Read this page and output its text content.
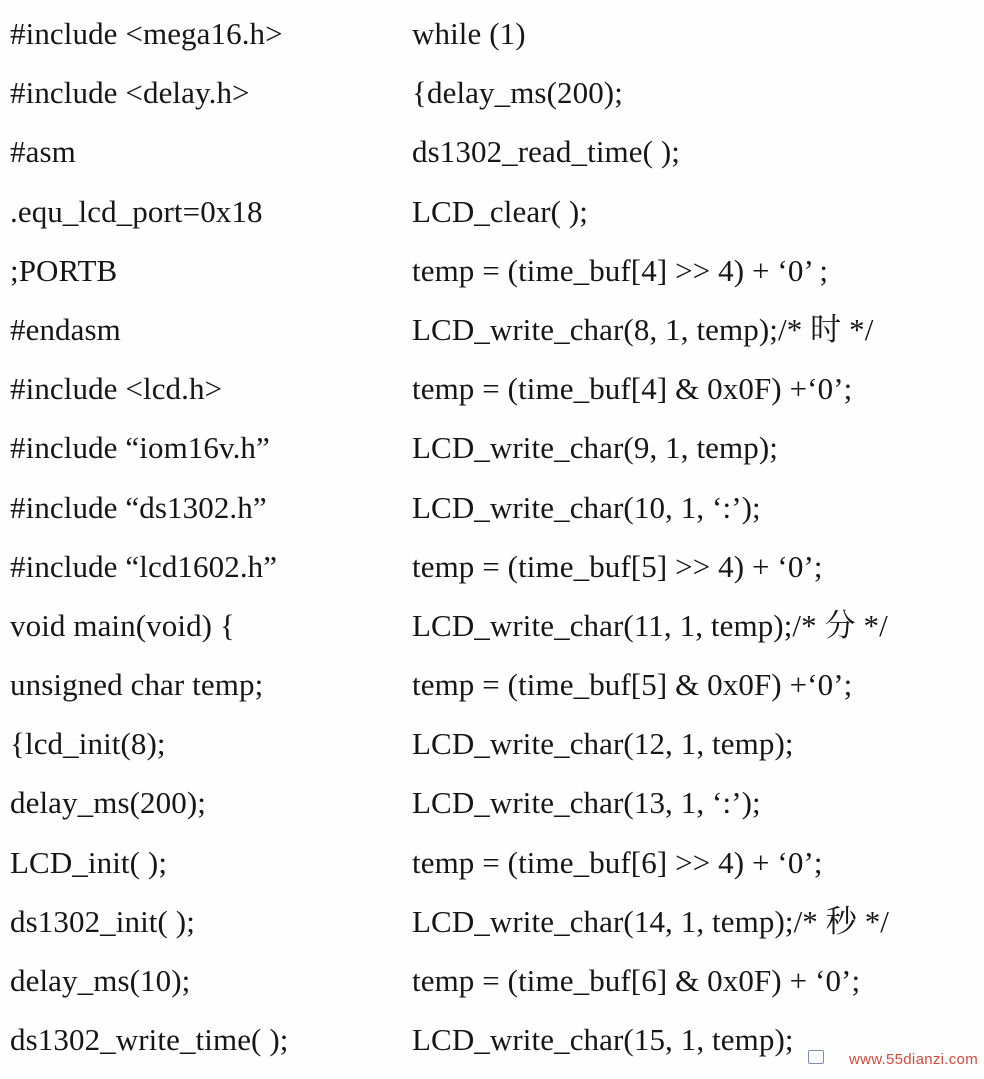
#include <mega16.h>
#include <delay.h>
#asm
.equ_lcd_port=0x18
;PORTB
#endasm
#include <lcd.h>
#include “iom16v.h”
#include “ds1302.h”
#include “lcd1602.h”
void main(void) {
unsigned char temp;
{lcd_init(8);
delay_ms(200);
LCD_init( );
ds1302_init( );
delay_ms(10);
ds1302_write_time( );
while (1)
{delay_ms(200);
ds1302_read_time( );
LCD_clear( );
temp = (time_buf[4] >> 4) + ‘0’ ;
LCD_write_char(8, 1, temp);/* 时 */
temp = (time_buf[4] & 0x0F) +‘0’;
LCD_write_char(9, 1, temp);
LCD_write_char(10, 1, ‘:’);
temp = (time_buf[5] >> 4) + ‘0’;
LCD_write_char(11, 1, temp);/* 分 */
temp = (time_buf[5] & 0x0F) +‘0’;
LCD_write_char(12, 1, temp);
LCD_write_char(13, 1, ‘:’);
temp = (time_buf[6] >> 4) + ‘0’;
LCD_write_char(14, 1, temp);/* 秒 */
temp = (time_buf[6] & 0x0F) + ‘0’;
LCD_write_char(15, 1, temp);
www.55dianzi.com
